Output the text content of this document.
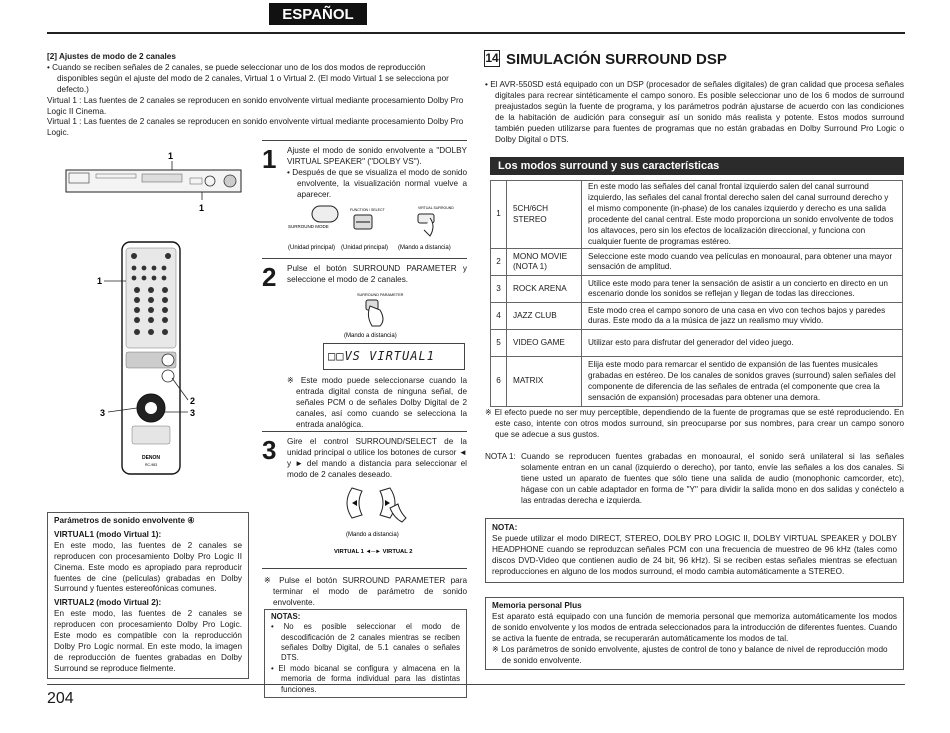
ESPAÑOL

[2] Ajustes de modo de 2 canales

• Cuando se reciben señales de 2 canales, se puede seleccionar uno de los dos modos de reproducción disponibles según el ajuste del modo de 2 canales, Virtual 1 o Virtual 2. (El modo Virtual 1 se selecciona por defecto.)

Virtual 1 : Las fuentes de 2 canales se reproducen en sonido envolvente virtual mediante procesamiento Dolby Pro Logic II Cinema.

Virtual 1 : Las fuentes de 2 canales se reproducen en sonido envolvente virtual mediante procesamiento Dolby Pro Logic.

1
1
DENON
RC-983
1
2
3
3

Parámetros de sonido envolvente ④

VIRTUAL1 (modo Virtual 1):

En este modo, las fuentes de 2 canales se reproducen con procesamiento Dolby Pro Logic II Cinema. Este modo es apropiado para reproducir fuentes de cine (películas) grabadas en Dolby Surround y fuentes estereofónicas comunes.

VIRTUAL2 (modo Virtual 2):

En este modo, las fuentes de 2 canales se reproducen con procesamiento Dolby Pro Logic. Este modo es compatible con la reproducción Dolby Pro Logic normal. En este modo, la imagen de reproducción de fuentes grabadas en Dolby Surround se reproduce fielmente.

1 Ajuste el modo de sonido envolvente a "DOLBY VIRTUAL SPEAKER" ("DOLBY VS").

• Después de que se visualiza el modo de sonido envolvente, la visualización normal vuelve a aparecer.

SURROUND MODE
FUNCTION / SELECT	VIRTUAL SURROUND
(Unidad principal) (Unidad principal) (Mando a distancia)
2 Pulse el botón SURROUND PARAMETER y seleccione el modo de 2 canales.
SURROUND PARAMETER
(Mando a distancia)
□□VS VIRTUAL1
※ Este modo puede seleccionarse cuando la entrada digital consta de ninguna señal, de señales PCM o de señales Dolby Digital de 2 canales, así como cuando se selecciona la entrada analógica.
3 Gire el control SURROUND/SELECT de la unidad principal o utilice los botones de cursor ◄ y ► del mando a distancia para seleccionar el modo de 2 canales deseado.
(Mando a distancia)
VIRTUAL 1 ◄─► VIRTUAL 2
※ Pulse el botón SURROUND PARAMETER para terminar el modo de parámetro de sonido envolvente.

NOTAS:

• No es posible seleccionar el modo de descodificación de 2 canales mientras se reciben señales Dolby Digital, de 5.1 canales o señales DTS.

• El modo bicanal se configura y almacena en la memoria de forma individual para las distintas funciones.

14 SIMULACIÓN SURROUND DSP
• El AVR-550SD está equipado con un DSP (procesador de señales digitales) de gran calidad que procesa señales digitales para recrear sintéticamente el campo sonoro. Es posible seleccionar uno de los 6 modos de surround preajustados según la fuente de programa, y los parámetros podrán ajustarse de acuerdo con las condiciones de la habitación de audición para conseguir así un sonido más realista y potente. Estos modos surround también pueden utilizarse para fuentes de programas que no están grabadas en Dolby Surround Pro Logic o Dolby Digital o DTS.
Los modos surround y sus características
1	5CH/6CH STEREO	En este modo las señales del canal frontal izquierdo salen del canal surround izquierdo, las señales del canal frontal derecho salen del canal surround derecho y el mismo componente (in-phase) de los canales izquierdo y derecho es una salida procedente del canal central. Este modo proporciona un sonido envolvente de todos los altavoces, pero sin los efectos de localización direccional, y funciona con cualquier fuente de programas estéreo.
2	MONO MOVIE (NOTA 1)	Seleccione este modo cuando vea películas en monoaural, para obtener una mayor sensación de amplitud.
3	ROCK ARENA	Utilice este modo para tener la sensación de asistir a un concierto en directo en un escenario donde los sonidos se reflejan y llegan de todas las direcciones.
4	JAZZ CLUB	Este modo crea el campo sonoro de una casa en vivo con techos bajos y paredes duras. Este modo da a la música de jazz un realismo muy vivido.
5	VIDEO GAME	Utilizar esto para disfrutar del generador del video juego.
6	MATRIX	Elija este modo para remarcar el sentido de expansión de las fuentes musicales grabadas en estéreo. De los canales de sonidos graves (surround) salen señales del componente de diferencia de las señales de entrada (el componente que crea la sensación de expansión) procesadas para obtener una demora.
※ El efecto puede no ser muy perceptible, dependiendo de la fuente de programas que se esté reproduciendo. En este caso, intente con otros modos surround, sin preocuparse por sus nombres, para crear un campo sonoro que se adecue a sus gustos.
NOTA 1: Cuando se reproducen fuentes grabadas en monoaural, el sonido será unilateral si las señales solamente entran en un canal (izquierdo o derecho), por tanto, envíe las señales a los dos canales. Si tiene usted un aparato de fuentes que sólo tiene una salida de audio (monophonic camcorder, etc), hágase con un cable adaptador en forma de "Y" para dividir la salida mono en dos salidas y conéctelo a las entradas derecha e izquierda.

NOTA:

Se puede utilizar el modo DIRECT, STEREO, DOLBY PRO LOGIC II, DOLBY VIRTUAL SPEAKER y DOLBY HEADPHONE cuando se reproduzcan señales PCM con una frecuencia de muestreo de 96 kHz (tales como discos DVD-Video que contienen audio de 24 bit, 96 kHz). Si se reciben estas señales mientras se efectuan reproducciones en alguno de los modos surround, el modo cambia automáticamente a STEREO.

Memoria personal Plus

Est aparato está equipado con una función de memoria personal que memoriza automáticamente los modos de sonido envolvente y los modos de entrada seleccionados para la introducción de diferentes fuentes. Cuando se activa la fuente de entrada, se recuperarán automáticamente los modos de tal.

※ Los parámetros de sonido envolvente, ajustes de control de tono y balance de nivel de reproducción modo de sonido envolvente.

204
